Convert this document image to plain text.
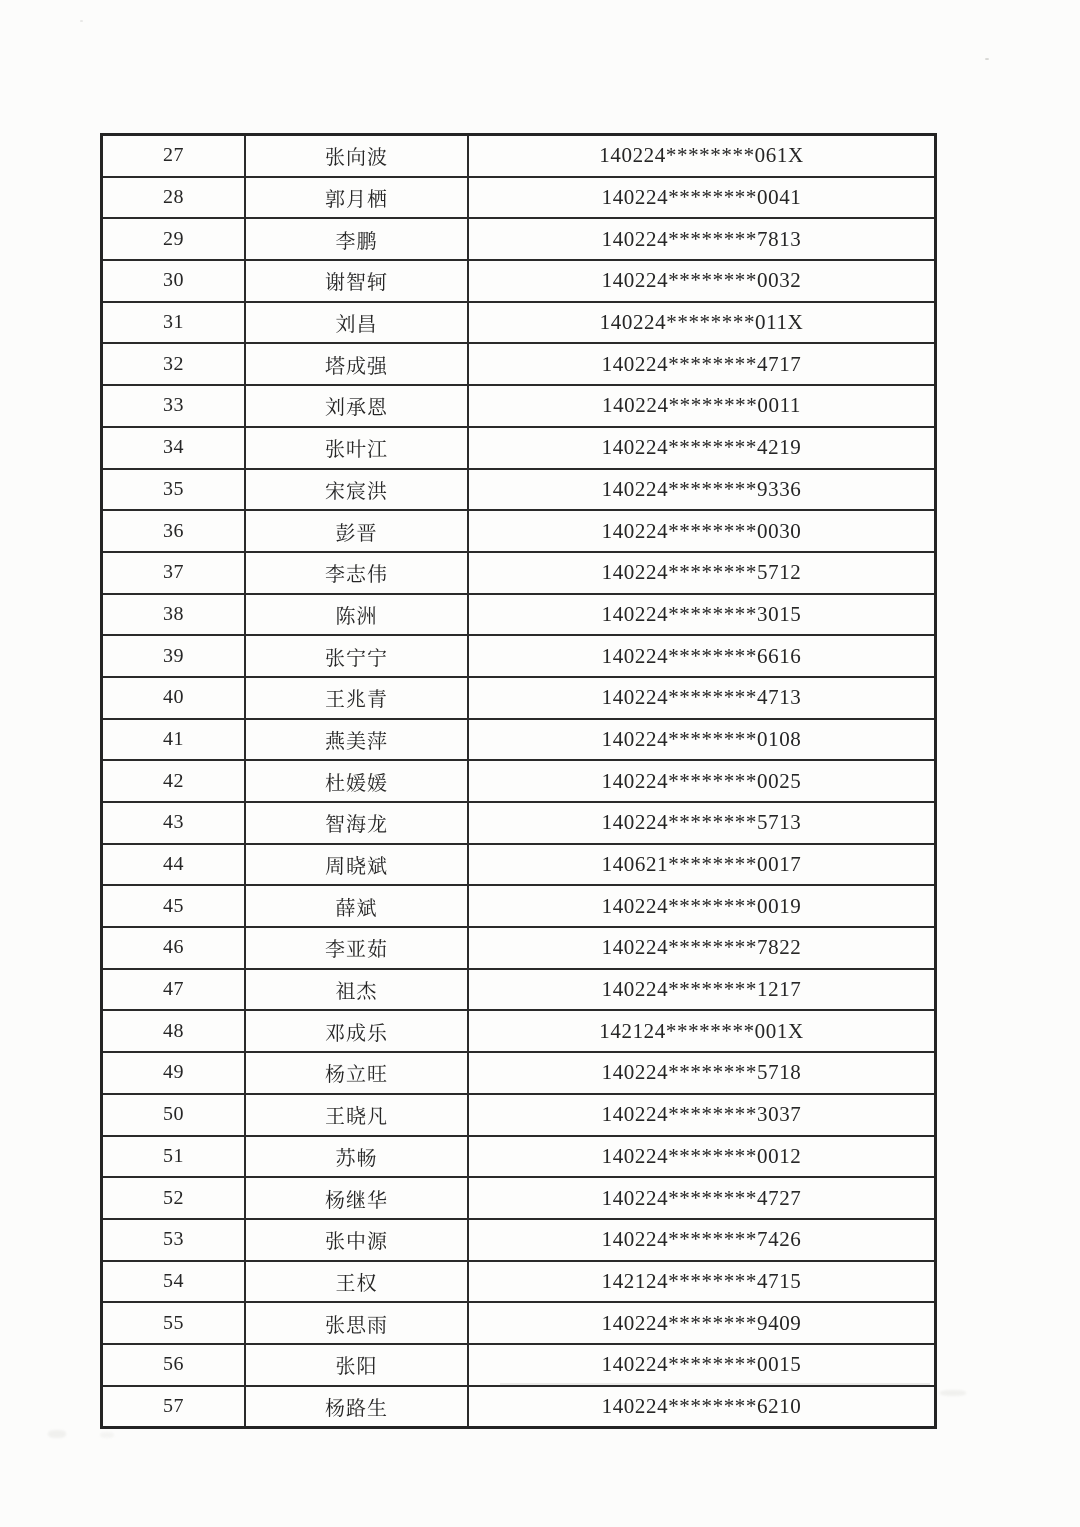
27	张向波	140224********061X
28	郭月栖	140224********0041
29	李鹏	140224********7813
30	谢智轲	140224********0032
31	刘昌	140224********011X
32	塔成强	140224********4717
33	刘承恩	140224********0011
34	张叶江	140224********4219
35	宋宸洪	140224********9336
36	彭晋	140224********0030
37	李志伟	140224********5712
38	陈洲	140224********3015
39	张宁宁	140224********6616
40	王兆青	140224********4713
41	燕美萍	140224********0108
42	杜媛媛	140224********0025
43	智海龙	140224********5713
44	周晓斌	140621********0017
45	薛斌	140224********0019
46	李亚茹	140224********7822
47	祖杰	140224********1217
48	邓成乐	142124********001X
49	杨立旺	140224********5718
50	王晓凡	140224********3037
51	苏畅	140224********0012
52	杨继华	140224********4727
53	张中源	140224********7426
54	王权	142124********4715
55	张思雨	140224********9409
56	张阳	140224********0015
57	杨路生	140224********6210
